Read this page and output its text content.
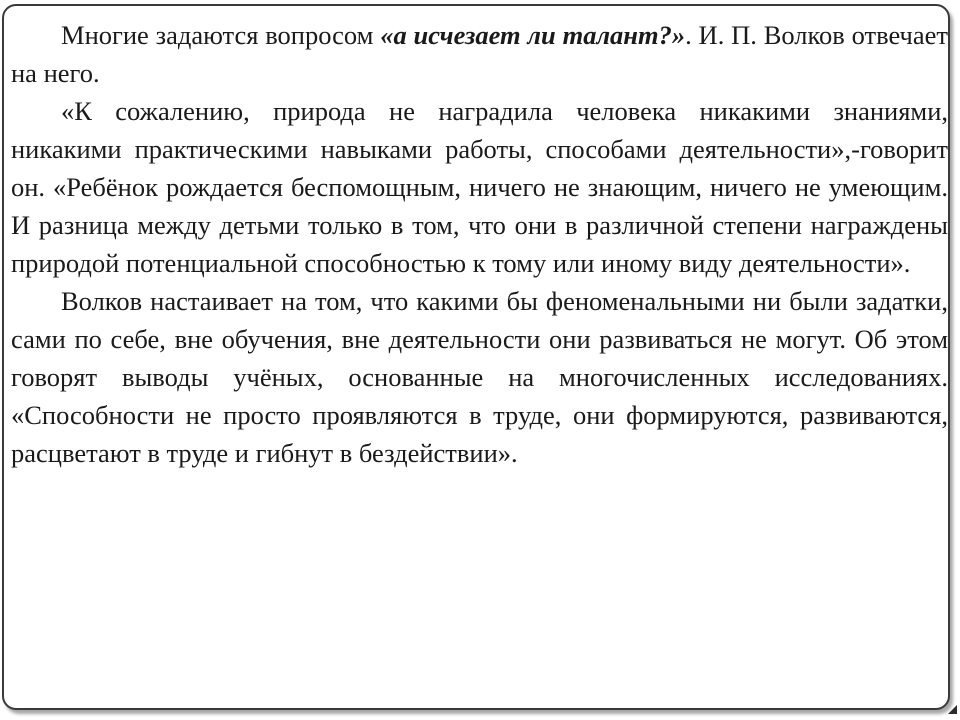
Многие задаются вопросом «а исчезает ли талант?». И. П. Волков отвечает на него.

«К сожалению, природа не наградила человека никакими знаниями, никакими практическими навыками работы, способами деятельности»,-говорит он. «Ребёнок рождается беспомощным, ничего не знающим, ничего не умеющим. И разница между детьми только в том, что они в различной степени награждены природой потенциальной способностью к тому или иному виду деятельности».

Волков настаивает на том, что какими бы феноменальными ни были задатки, сами по себе, вне обучения, вне деятельности они развиваться не могут. Об этом говорят выводы учёных, основанные на многочисленных исследованиях. «Способности не просто проявляются в труде, они формируются, развиваются, расцветают в труде и гибнут в бездействии».
